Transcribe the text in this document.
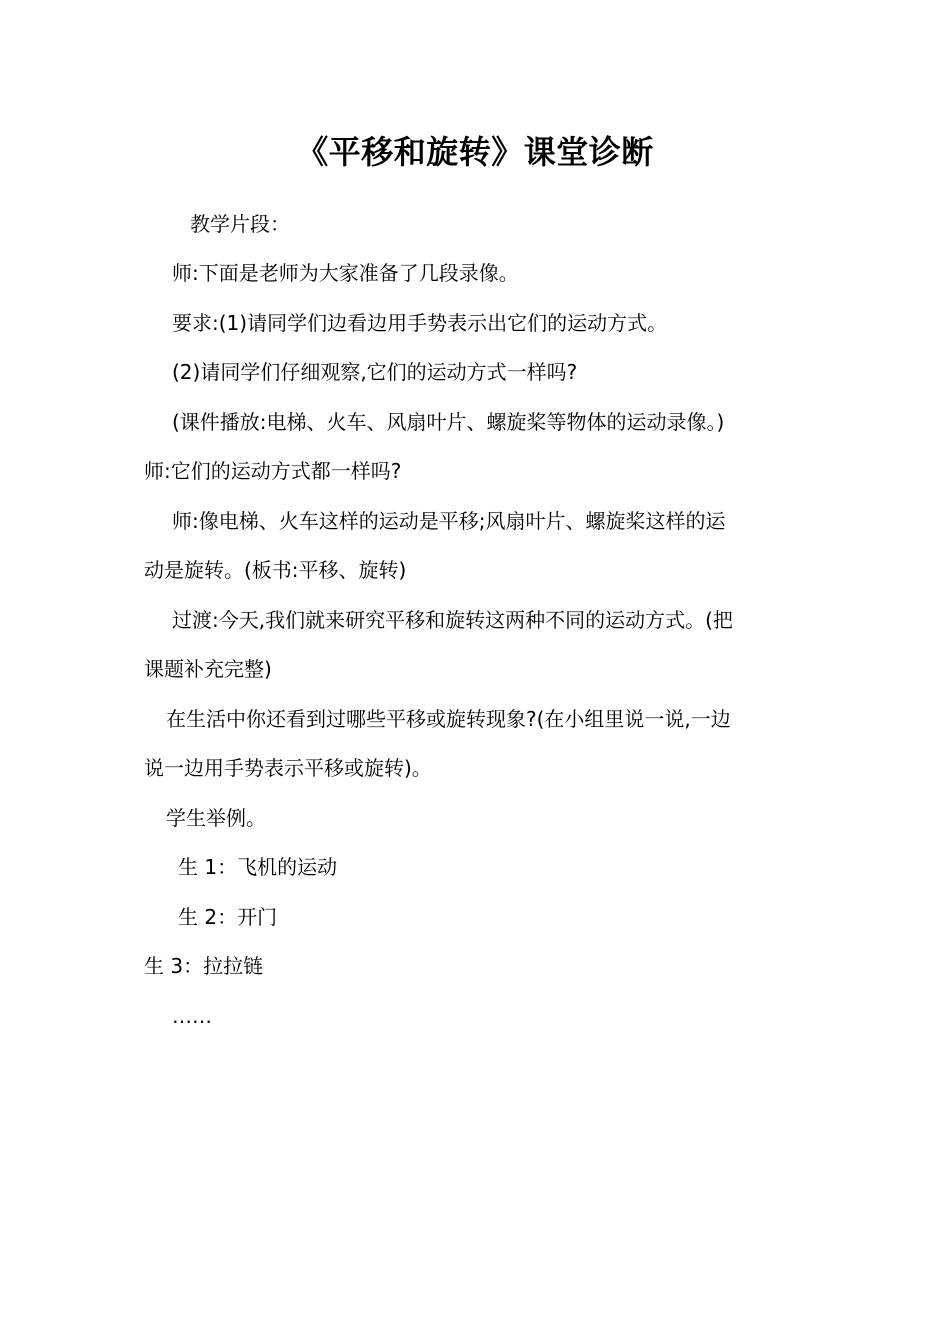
《平移和旋转》课堂诊断
教学片段：
师:下面是老师为大家准备了几段录像。
要求:(1)请同学们边看边用手势表示出它们的运动方式。
(2)请同学们仔细观察,它们的运动方式一样吗?
(课件播放:电梯、火车、风扇叶片、螺旋桨等物体的运动录像。)
师:它们的运动方式都一样吗?
师:像电梯、火车这样的运动是平移;风扇叶片、螺旋桨这样的运
动是旋转。(板书:平移、旋转)
过渡:今天,我们就来研究平移和旋转这两种不同的运动方式。(把
课题补充完整)
在生活中你还看到过哪些平移或旋转现象?(在小组里说一说,一边
说一边用手势表示平移或旋转)。
学生举例。
生 1：飞机的运动
生 2：开门
生 3：拉拉链
……
